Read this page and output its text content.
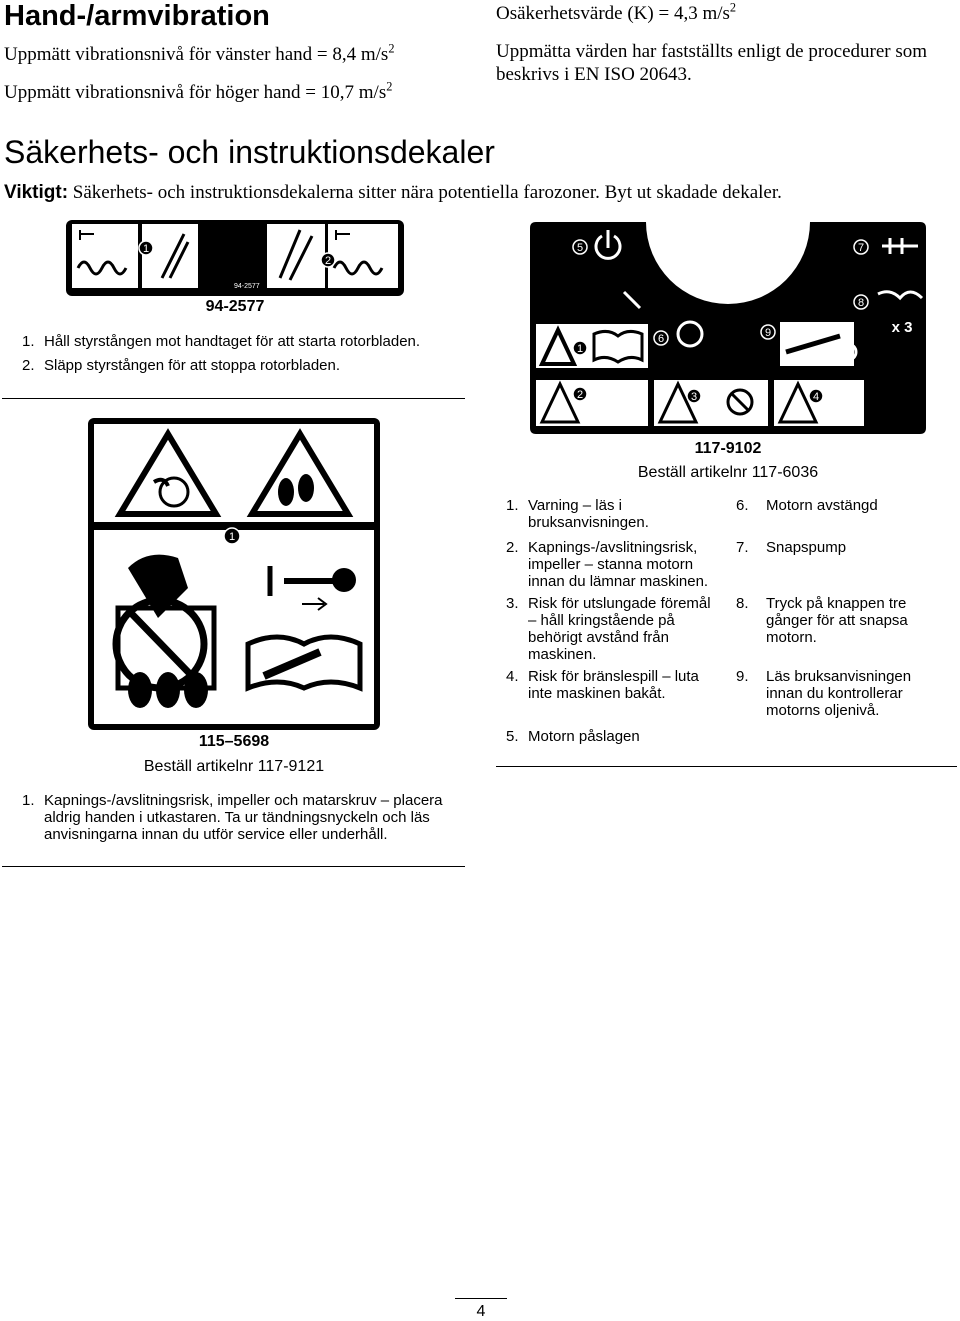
Hand-/armvibration
Uppmätt vibrationsnivå för vänster hand = 8,4 $m/s^2$
Uppmätt vibrationsnivå för höger hand = 10,7 $m/s^2$
Osäkerhetsvärde (K) = 4,3 $m/s^2$
Uppmätta värden har fastställts enligt de procedurer som beskrivs i EN ISO 20643.
Säkerhets- och instruktionsdekaler
Viktigt: Säkerhets- och instruktionsdekalerna sitter nära potentiella farozoner. Byt ut skadade dekaler.
1
2
94-2577
94-2577
1. Håll styrstången mot handtaget för att starta rotorbladen.
2. Släpp styrstången för att stoppa rotorbladen.
1
115–5698
Beställ artikelnr 117-9121
1. Kapnings-/avslitningsrisk, impeller och matarskruv – placera aldrig handen i utkastaren. Ta ur tändningsnyckeln och läs anvisningarna innan du utför service eller underhåll.
5	7
8
x 3
1
6	9
2	3	4
117-9102
Beställ artikelnr 117-6036
1. Varning – läs i bruksanvisningen.
2. Kapnings-/avslitningsrisk, impeller – stanna motorn innan du lämnar maskinen.
3. Risk för utslungade föremål – håll kringstående på behörigt avstånd från maskinen.
4. Risk för bränslespill – luta inte maskinen bakåt.
5. Motorn påslagen
6. Motorn avstängd
7. Snapspump
8. Tryck på knappen tre gånger för att snapsa motorn.
9. Läs bruksanvisningen innan du kontrollerar motorns oljenivå.
4
